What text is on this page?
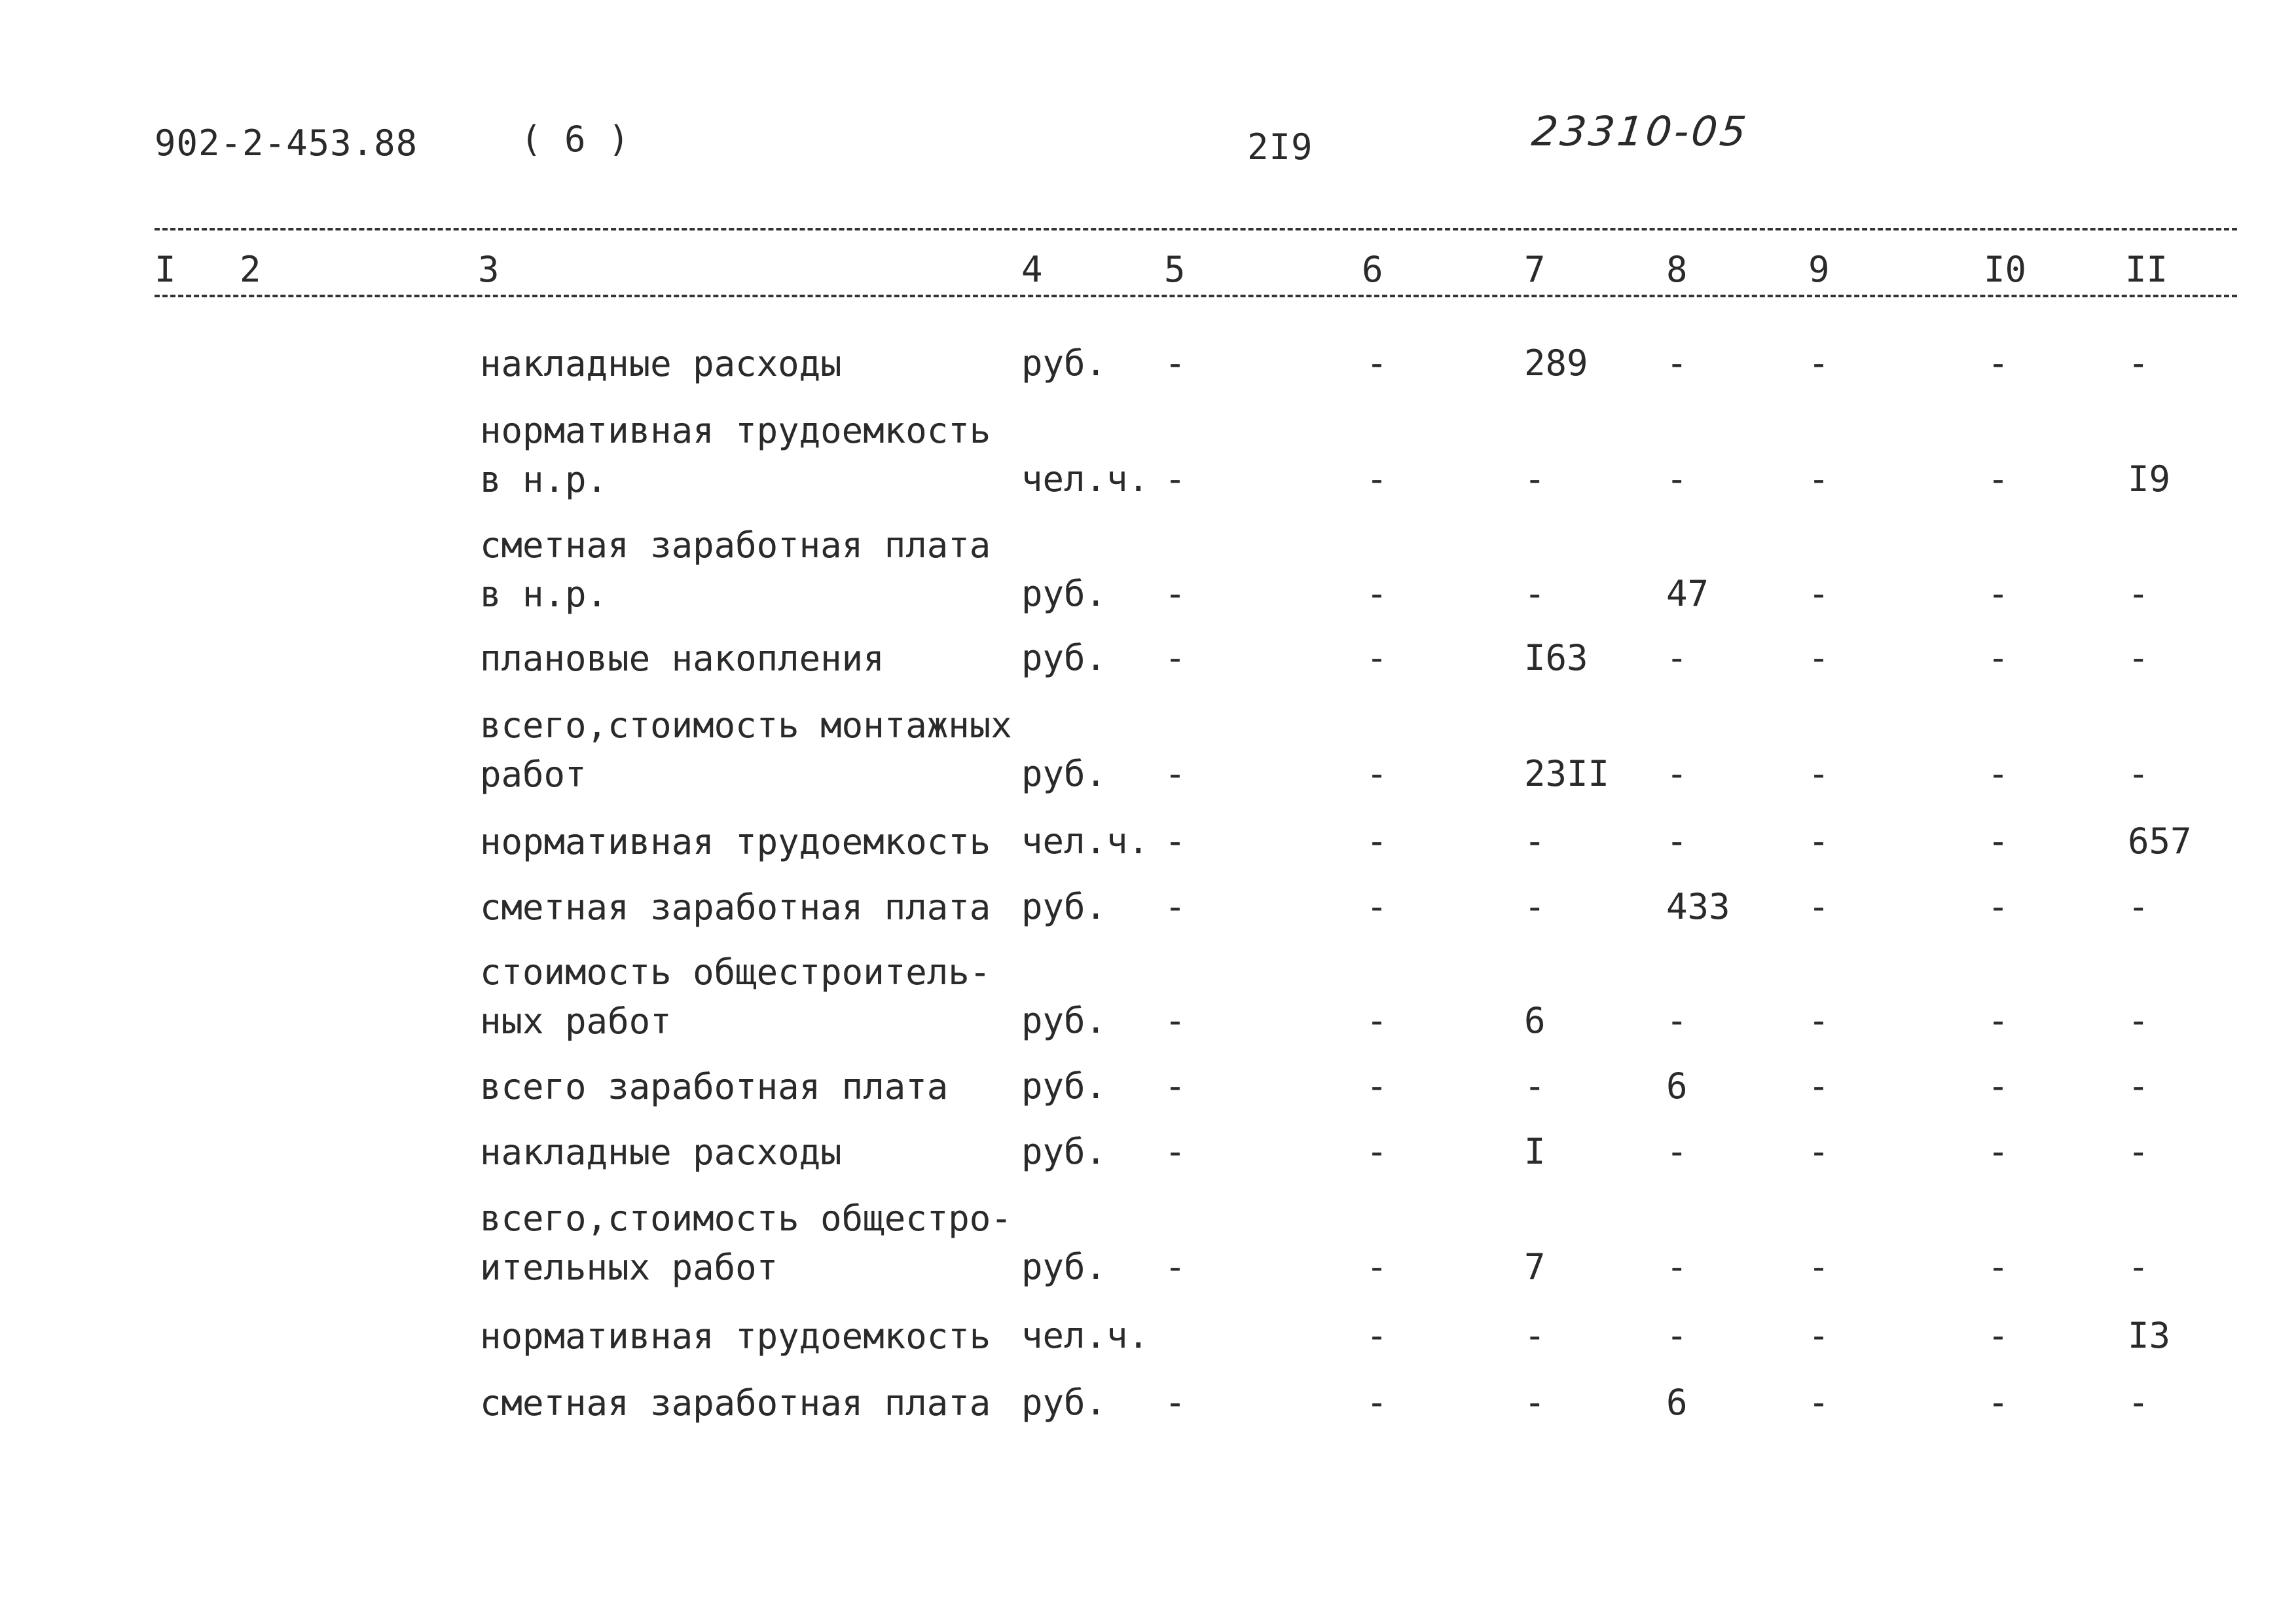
902-2-453.88	( 6 )	2I9	23310-05
I 2	3	4	5	6	7	8	9	I0	II
накладные расходы	руб. -	-	289 -	-	-	-
нормативная трудоемкость
в н.р.	чел.ч. -	-	-	-	-	-	I9
сметная заработная плата
в н.р.	руб. -	-	-	47	-	-	-
плановые накопления	руб. -	-	I63 -	-	-	-
всего,стоимость монтажных
работ	руб. -	-	23II -	-	-	-
нормативная трудоемкость чел.ч. -	-	-	-	-	-	657
сметная заработная плата руб. -	-	-	433 -	-	-
стоимость общестроитель-
ных работ	руб. -	-	6	-	-	-	-
всего заработная плата	руб. -	-	-	6	-	-	-
накладные расходы	руб. -	-	I	-	-	-	-
всего,стоимость общестро-
ительных работ	руб. -	-	7	-	-	-	-
нормативная трудоемкость чел.ч.	-	-	-	-	-	I3
сметная заработная плата руб. -	-	-	6	-	-	-
